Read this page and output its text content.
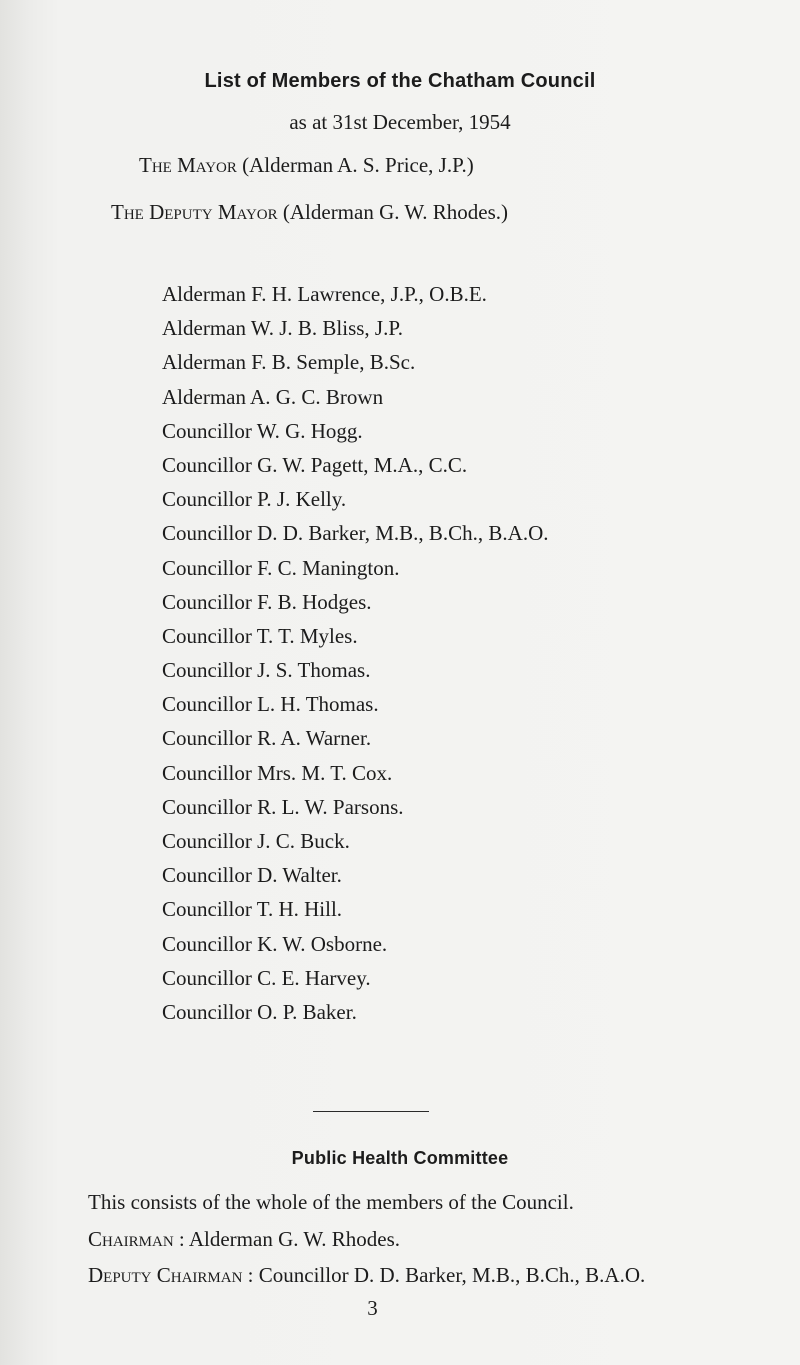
List of Members of the Chatham Council
as at 31st December, 1954
The Mayor (Alderman A. S. Price, J.P.)
The Deputy Mayor (Alderman G. W. Rhodes.)
Alderman F. H. Lawrence, J.P., O.B.E.
Alderman W. J. B. Bliss, J.P.
Alderman F. B. Semple, B.Sc.
Alderman A. G. C. Brown
Councillor W. G. Hogg.
Councillor G. W. Pagett, M.A., C.C.
Councillor P. J. Kelly.
Councillor D. D. Barker, M.B., B.Ch., B.A.O.
Councillor F. C. Manington.
Councillor F. B. Hodges.
Councillor T. T. Myles.
Councillor J. S. Thomas.
Councillor L. H. Thomas.
Councillor R. A. Warner.
Councillor Mrs. M. T. Cox.
Councillor R. L. W. Parsons.
Councillor J. C. Buck.
Councillor D. Walter.
Councillor T. H. Hill.
Councillor K. W. Osborne.
Councillor C. E. Harvey.
Councillor O. P. Baker.
Public Health Committee
This consists of the whole of the members of the Council.
Chairman : Alderman G. W. Rhodes.
Deputy Chairman : Councillor D. D. Barker, M.B., B.Ch., B.A.O.
3
